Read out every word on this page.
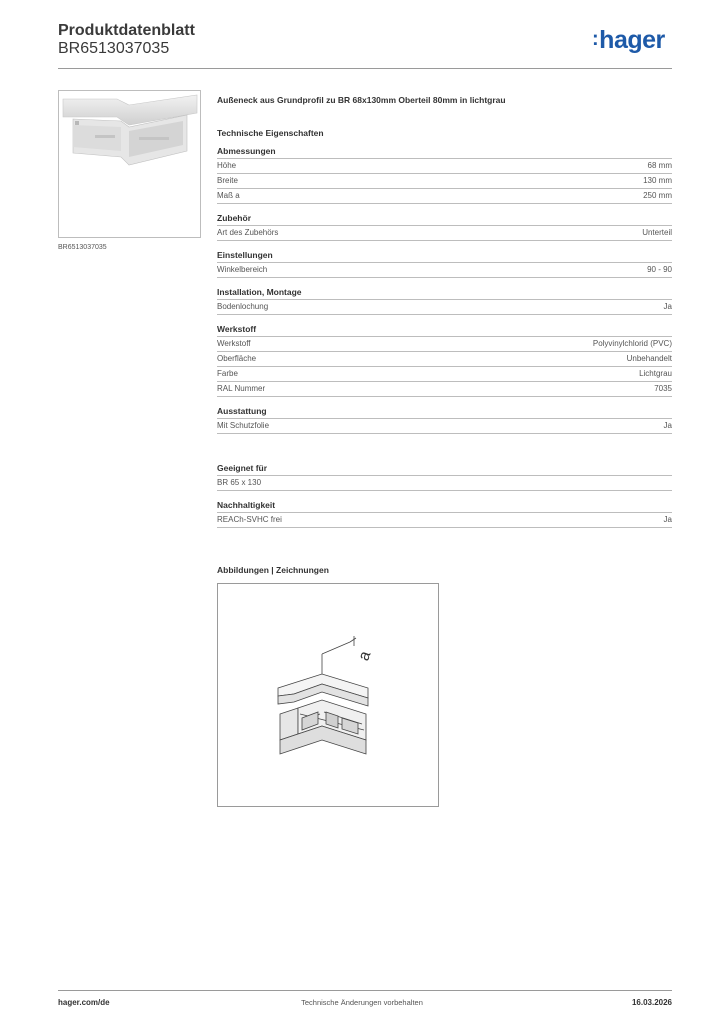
Produktdatenblatt
BR6513037035	:hager
BR6513037035
Außeneck aus Grundprofil zu BR 68x130mm Oberteil 80mm in lichtgrau
Technische Eigenschaften
Abmessungen
Höhe	68 mm
Breite	130 mm
Maß a	250 mm
Zubehör
Art des Zubehörs	Unterteil
Einstellungen
Winkelbereich	90 - 90
Installation, Montage
Bodenlochung	Ja
Werkstoff
Werkstoff	Polyvinylchlorid (PVC)
Oberfläche	Unbehandelt
Farbe	Lichtgrau
RAL Nummer	7035
Ausstattung
Mit Schutzfolie	Ja
Geeignet für
BR 65 x 130
Nachhaltigkeit
REACh-SVHC frei	Ja
Abbildungen | Zeichnungen
a
hager.com/de	Technische Änderungen vorbehalten	16.03.2026
